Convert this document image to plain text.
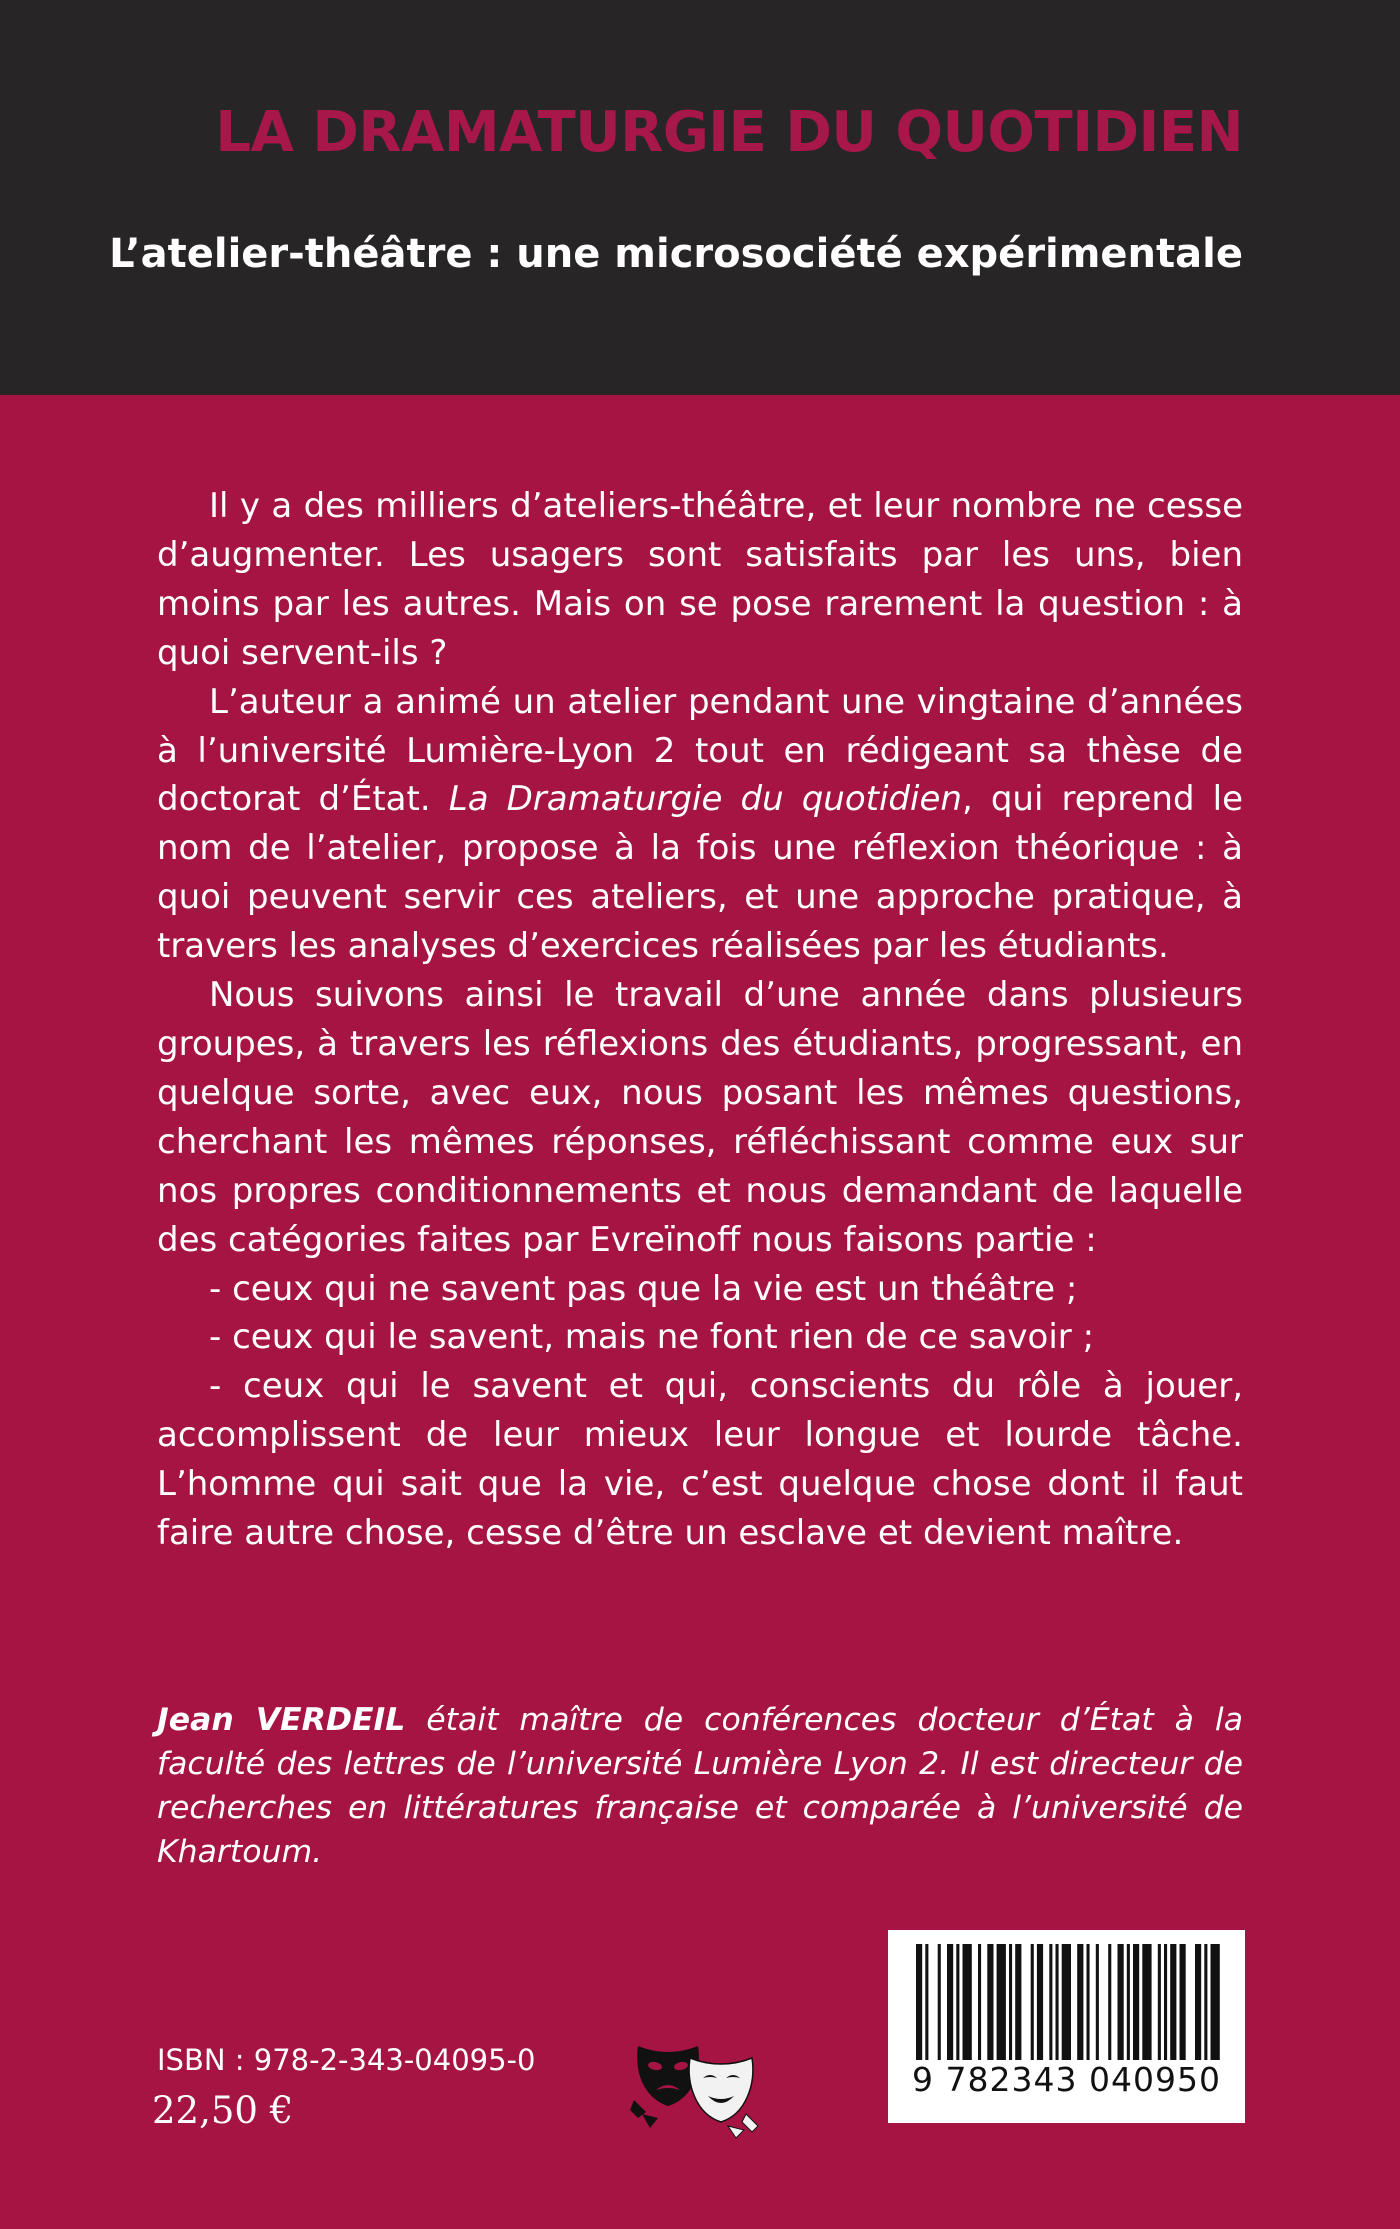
LA DRAMATURGIE DU QUOTIDIEN
L’atelier-théâtre : une microsociété expérimentale

Il y a des milliers d’ateliers-théâtre, et leur nombre ne cesse d’augmenter. Les usagers sont satisfaits par les uns, bien moins par les autres. Mais on se pose rarement la question : à quoi servent-ils ?

L’auteur a animé un atelier pendant une vingtaine d’années à l’université Lumière-Lyon 2 tout en rédigeant sa thèse de doctorat d’État. La Dramaturgie du quotidien, qui reprend le nom de l’atelier, propose à la fois une réflexion théorique : à quoi peuvent servir ces ateliers, et une approche pratique, à travers les analyses d’exercices réalisées par les étudiants.

Nous suivons ainsi le travail d’une année dans plusieurs groupes, à travers les réflexions des étudiants, progressant, en quelque sorte, avec eux, nous posant les mêmes questions, cherchant les mêmes réponses, réfléchissant comme eux sur nos propres conditionnements et nous demandant de laquelle des catégories faites par Evreïnoff nous faisons partie :

- ceux qui ne savent pas que la vie est un théâtre ;

- ceux qui le savent, mais ne font rien de ce savoir ;

- ceux qui le savent et qui, conscients du rôle à jouer, accomplissent de leur mieux leur longue et lourde tâche. L’homme qui sait que la vie, c’est quelque chose dont il faut faire autre chose, cesse d’être un esclave et devient maître.

Jean VERDEIL était maître de conférences docteur d’État à la faculté des lettres de l’université Lumière Lyon 2. Il est directeur de recherches en littératures française et comparée à l’université de Khartoum.

ISBN : 978-2-343-04095-0
22,50 €
9 782343 040950
